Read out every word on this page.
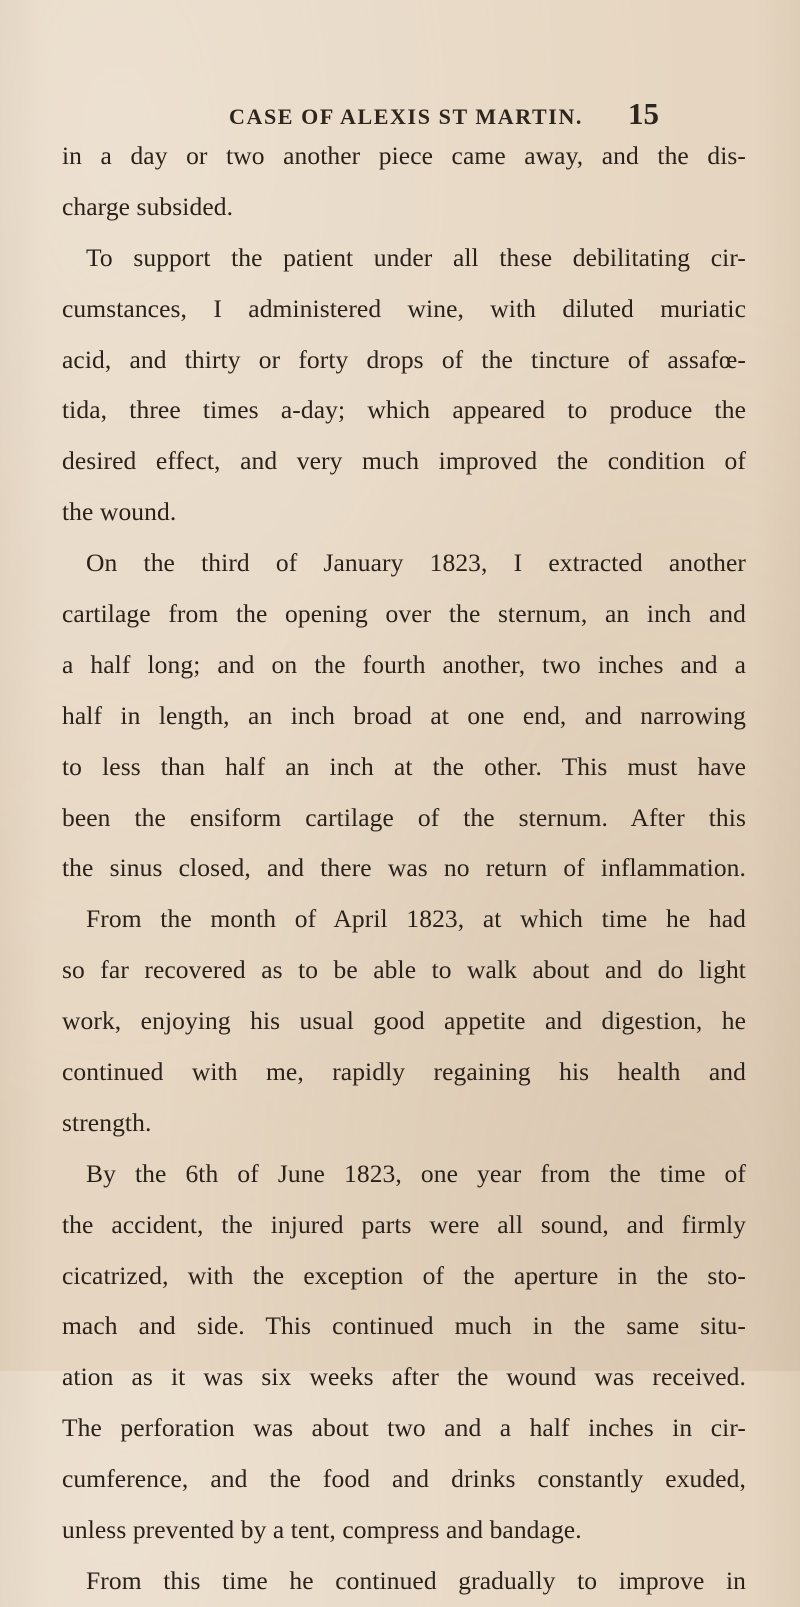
CASE OF ALEXIS ST MARTIN. 15
in a day or two another piece came away, and the dis-
charge subsided.
To support the patient under all these debilitating cir-
cumstances, I administered wine, with diluted muriatic
acid, and thirty or forty drops of the tincture of assafœ-
tida, three times a-day; which appeared to produce the
desired effect, and very much improved the condition of
the wound.
On the third of January 1823, I extracted another
cartilage from the opening over the sternum, an inch and
a half long; and on the fourth another, two inches and a
half in length, an inch broad at one end, and narrowing
to less than half an inch at the other. This must have
been the ensiform cartilage of the sternum. After this
the sinus closed, and there was no return of inflammation.
From the month of April 1823, at which time he had
so far recovered as to be able to walk about and do light
work, enjoying his usual good appetite and digestion, he
continued with me, rapidly regaining his health and
strength.
By the 6th of June 1823, one year from the time of
the accident, the injured parts were all sound, and firmly
cicatrized, with the exception of the aperture in the sto-
mach and side. This continued much in the same situ-
ation as it was six weeks after the wound was received.
The perforation was about two and a half inches in cir-
cumference, and the food and drinks constantly exuded,
unless prevented by a tent, compress and bandage.
From this time he continued gradually to improve in
